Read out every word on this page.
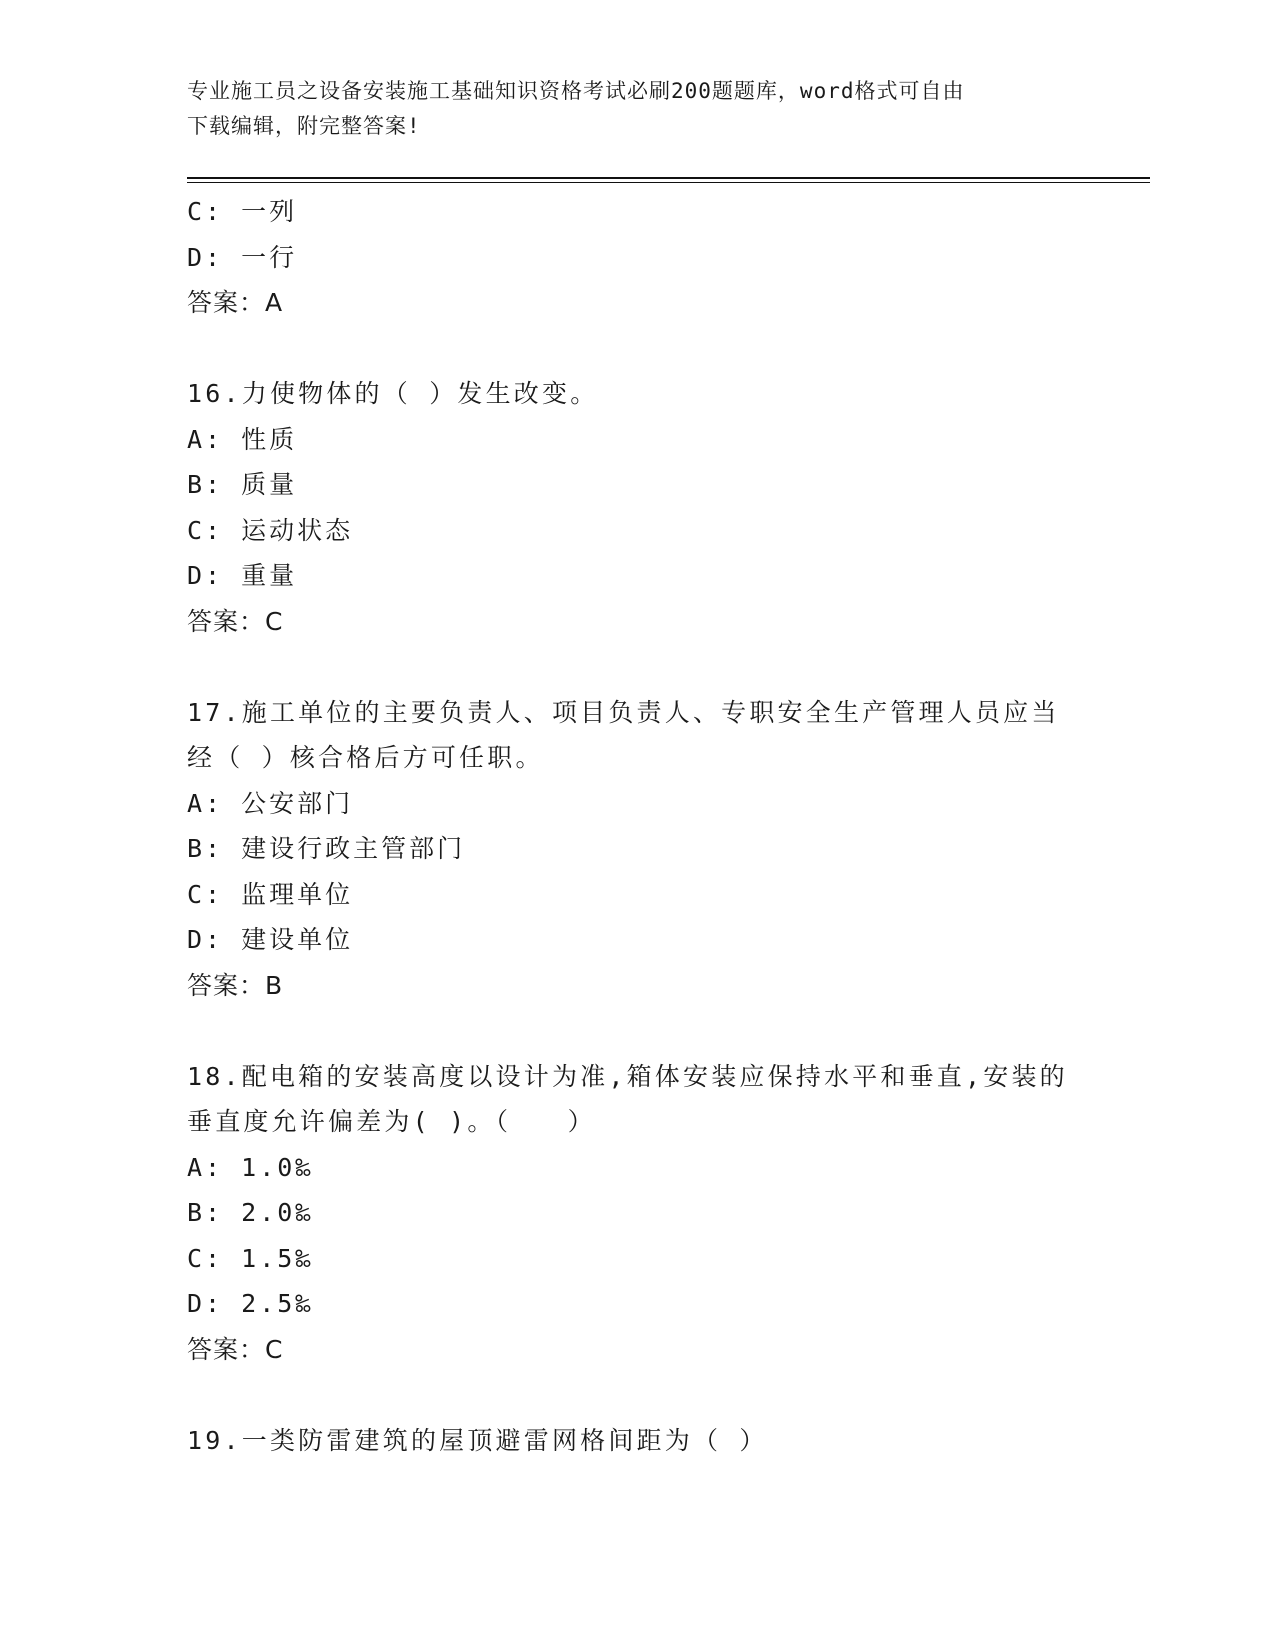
专业施工员之设备安装施工基础知识资格考试必刷200题题库，word格式可自由
下载编辑，附完整答案!
C: 一列
D: 一行
答案：A
16.力使物体的（ ）发生改变。
A: 性质
B: 质量
C: 运动状态
D: 重量
答案：C
17.施工单位的主要负责人、项目负责人、专职安全生产管理人员应当
经（ ）核合格后方可任职。
A: 公安部门
B: 建设行政主管部门
C: 监理单位
D: 建设单位
答案：B
18.配电箱的安装高度以设计为准,箱体安装应保持水平和垂直,安装的
垂直度允许偏差为( )。（　　）
A: 1.0‰
B: 2.0‰
C: 1.5‰
D: 2.5‰
答案：C
19.一类防雷建筑的屋顶避雷网格间距为（ ）
